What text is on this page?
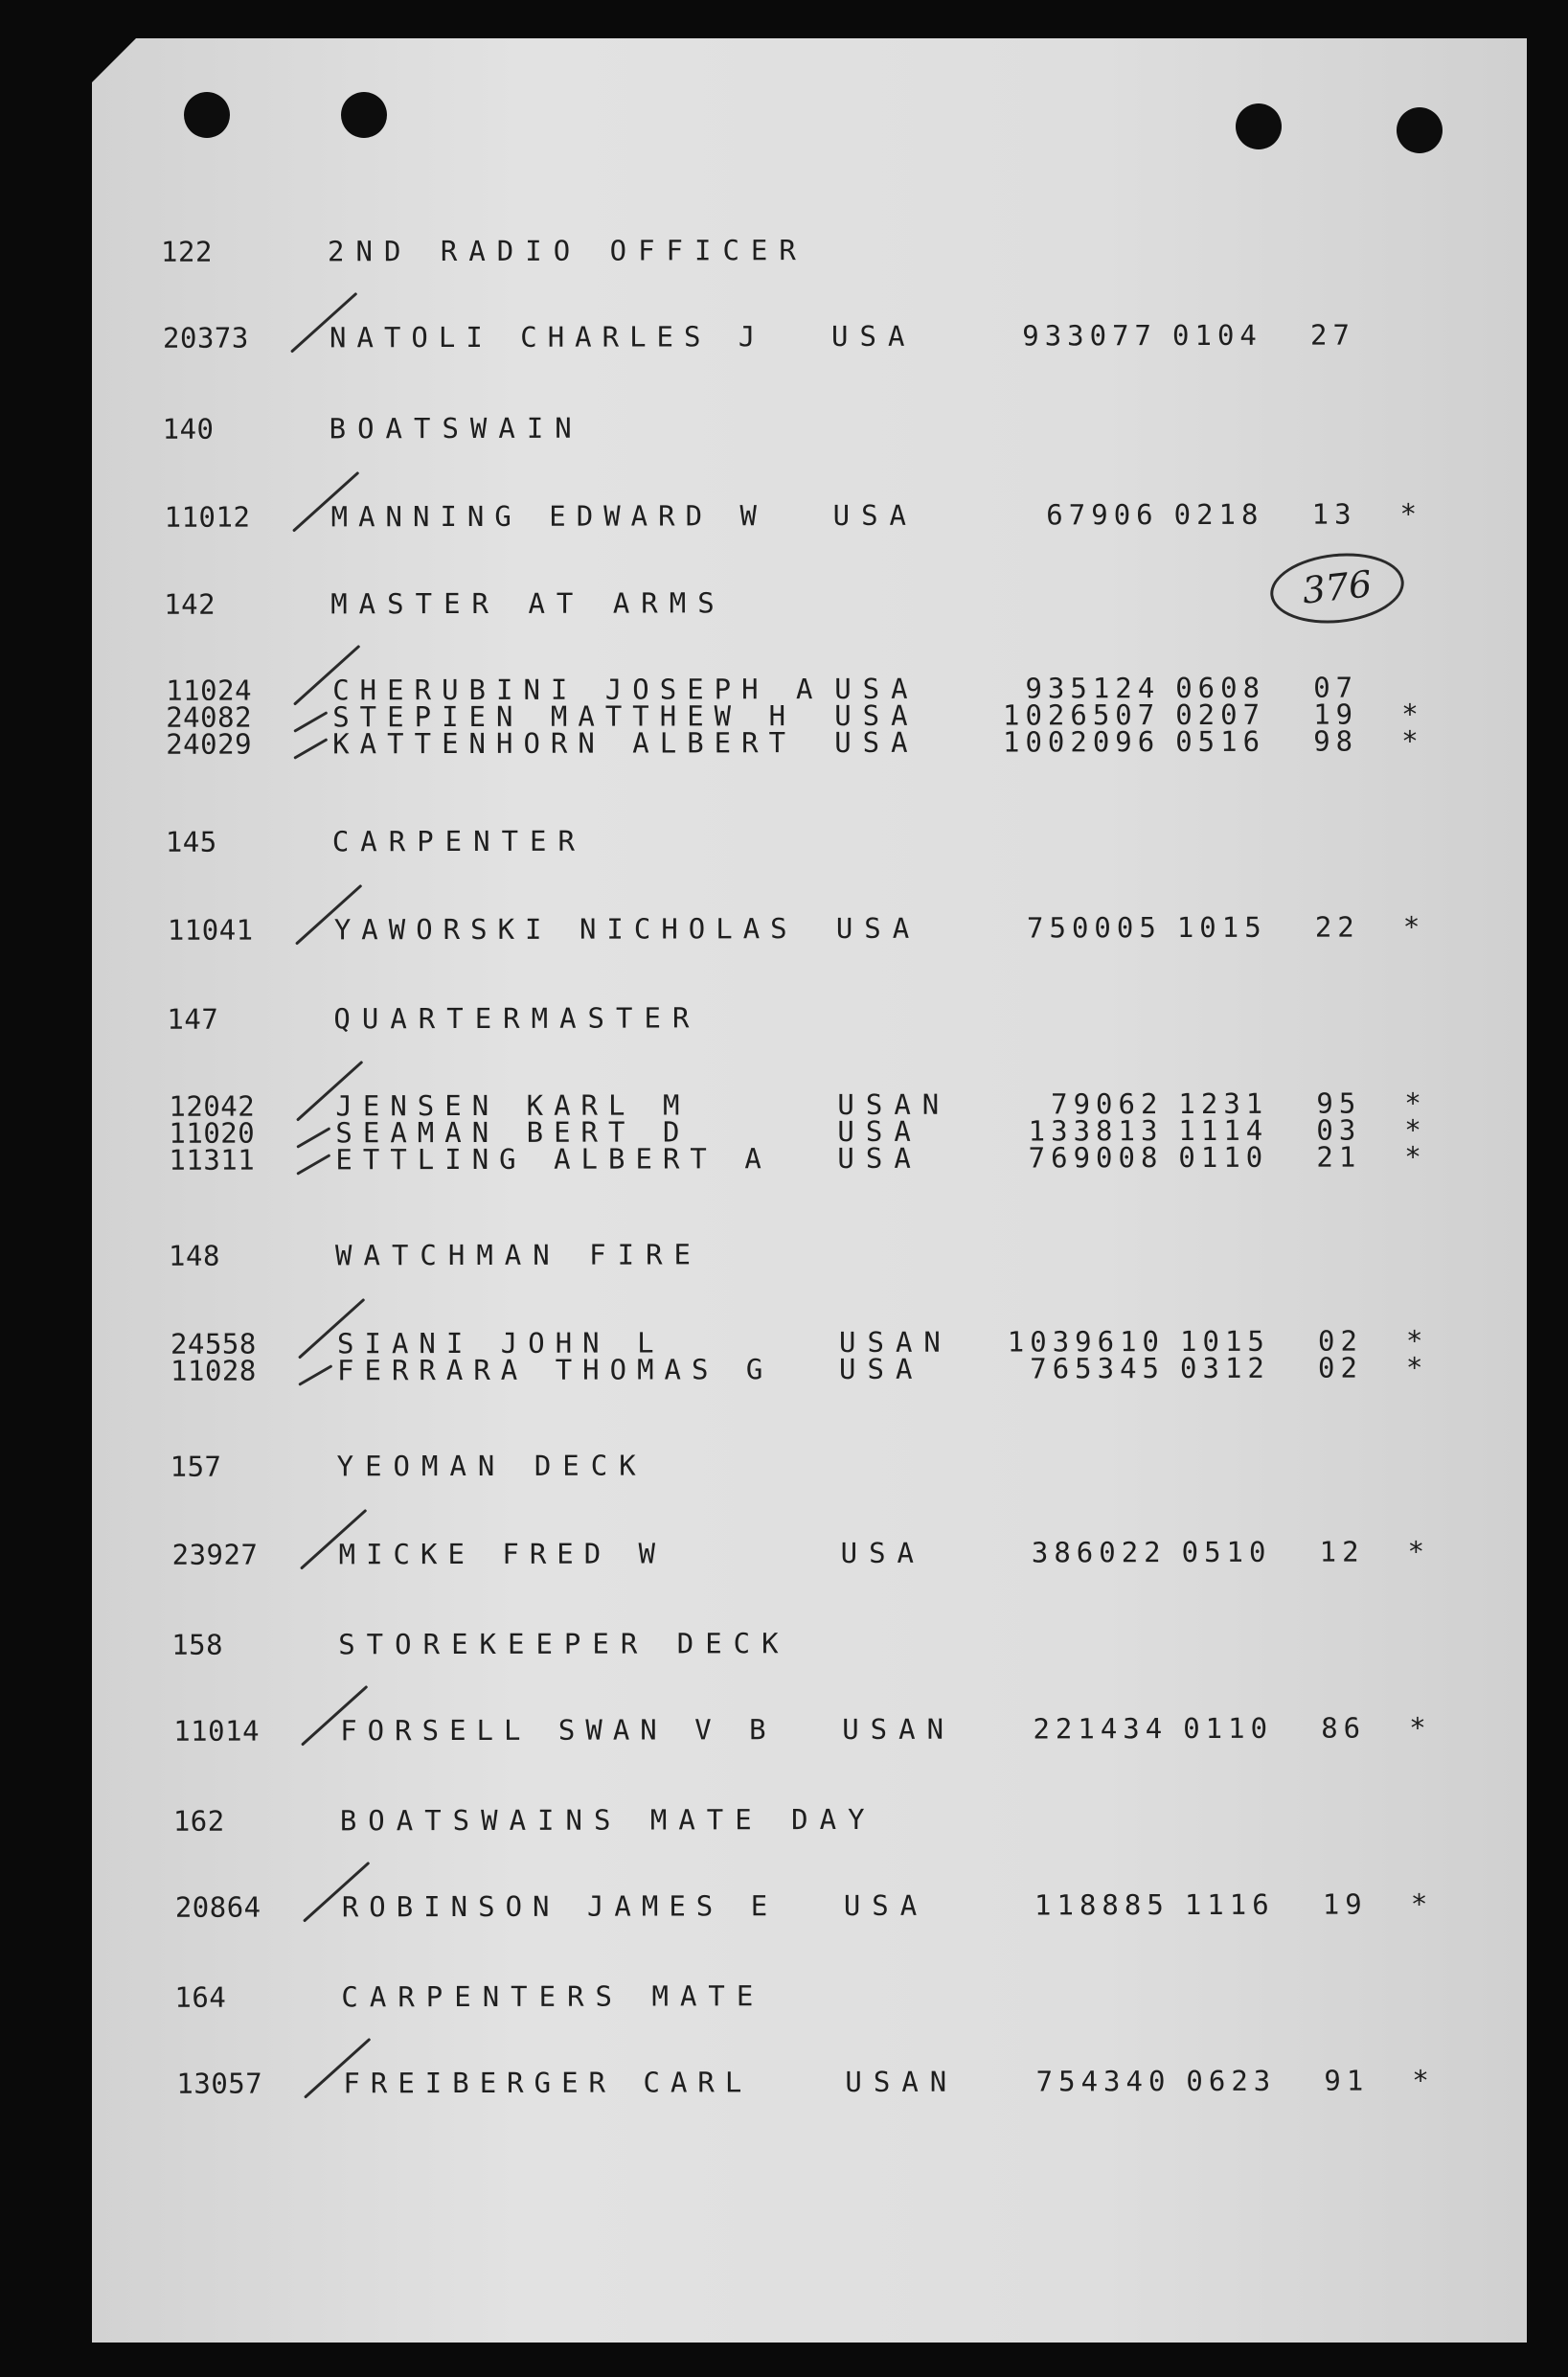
376
122	2ND RADIO OFFICER
20373	NATOLI CHARLES J USA	933077 0104 27
140	BOATSWAIN
11012	MANNING EDWARD W USA	67906 0218 13 *
142	MASTER AT ARMS
11024	CHERUBINI JOSEPH A USA	935124 0608 07
24082	STEPIEN MATTHEW H USA	1026507 0207 19 *
24029	KATTENHORN ALBERT USA	1002096 0516 98 *
145	CARPENTER
11041	YAWORSKI NICHOLAS USA	750005 1015 22 *
147	QUARTERMASTER
12042	JENSEN KARL M	USAN	79062 1231 95 *
11020	SEAMAN BERT D	USA	133813 1114 03 *
11311	ETTLING ALBERT A USA	769008 0110 21 *
148	WATCHMAN FIRE
24558	SIANI JOHN L	USAN	1039610 1015 02 *
11028	FERRARA THOMAS G USA	765345 0312 02 *
157	YEOMAN DECK
23927	MICKE FRED W	USA	386022 0510 12 *
158	STOREKEEPER DECK
11014	FORSELL SWAN V B USAN	221434 0110 86 *
162	BOATSWAINS MATE DAY
20864	ROBINSON JAMES E USA	118885 1116 19 *
164	CARPENTERS MATE
13057	FREIBERGER CARL	USAN	754340 0623 91 *
